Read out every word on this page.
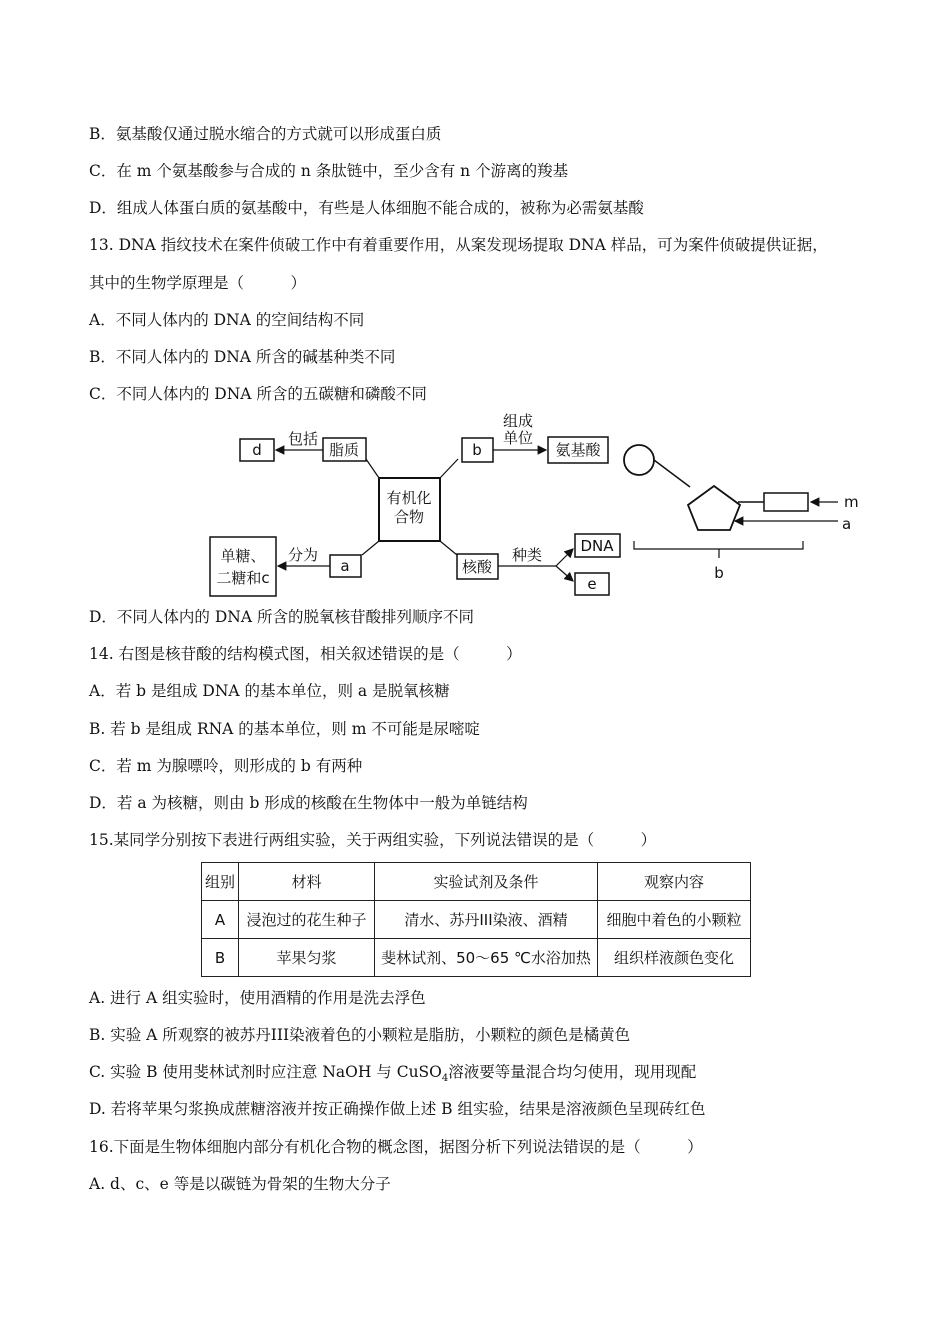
B．氨基酸仅通过脱水缩合的方式就可以形成蛋白质
C．在 m 个氨基酸参与合成的 n 条肽链中，至少含有 n 个游离的羧基
D．组成人体蛋白质的氨基酸中，有些是人体细胞不能合成的，被称为必需氨基酸
13. DNA 指纹技术在案件侦破工作中有着重要作用，从案发现场提取 DNA 样品，可为案件侦破提供证据，
其中的生物学原理是（　　　）
A．不同人体内的 DNA 的空间结构不同
B．不同人体内的 DNA 所含的碱基种类不同
C．不同人体内的 DNA 所含的五碳糖和磷酸不同
有机化
合物
脂质
包括
d	b
组成
单位
氨基酸
a
分为
单糖、
二糖和c
核酸
种类	DNA
e
m
a
b
D．不同人体内的 DNA 所含的脱氧核苷酸排列顺序不同
14. 右图是核苷酸的结构模式图，相关叙述错误的是（　　　）
A．若 b 是组成 DNA 的基本单位，则 a 是脱氧核糖
B. 若 b 是组成 RNA 的基本单位，则 m 不可能是尿嘧啶
C．若 m 为腺嘌呤，则形成的 b 有两种
D．若 a 为核糖，则由 b 形成的核酸在生物体中一般为单链结构
15.某同学分别按下表进行两组实验，关于两组实验，下列说法错误的是（　　　）
组别	材料	实验试剂及条件	观察内容
A	浸泡过的花生种子	清水、苏丹III染液、酒精	细胞中着色的小颗粒
B	苹果匀浆	斐林试剂、50～65 ℃水浴加热	组织样液颜色变化
A. 进行 A 组实验时，使用酒精的作用是洗去浮色
B. 实验 A 所观察的被苏丹III染液着色的小颗粒是脂肪，小颗粒的颜色是橘黄色
C. 实验 B 使用斐林试剂时应注意 NaOH 与 CuSO$_4$溶液要等量混合均匀使用，现用现配
D. 若将苹果匀浆换成蔗糖溶液并按正确操作做上述 B 组实验，结果是溶液颜色呈现砖红色
16.下面是生物体细胞内部分有机化合物的概念图，据图分析下列说法错误的是（　　　）
A. d、c、e 等是以碳链为骨架的生物大分子
